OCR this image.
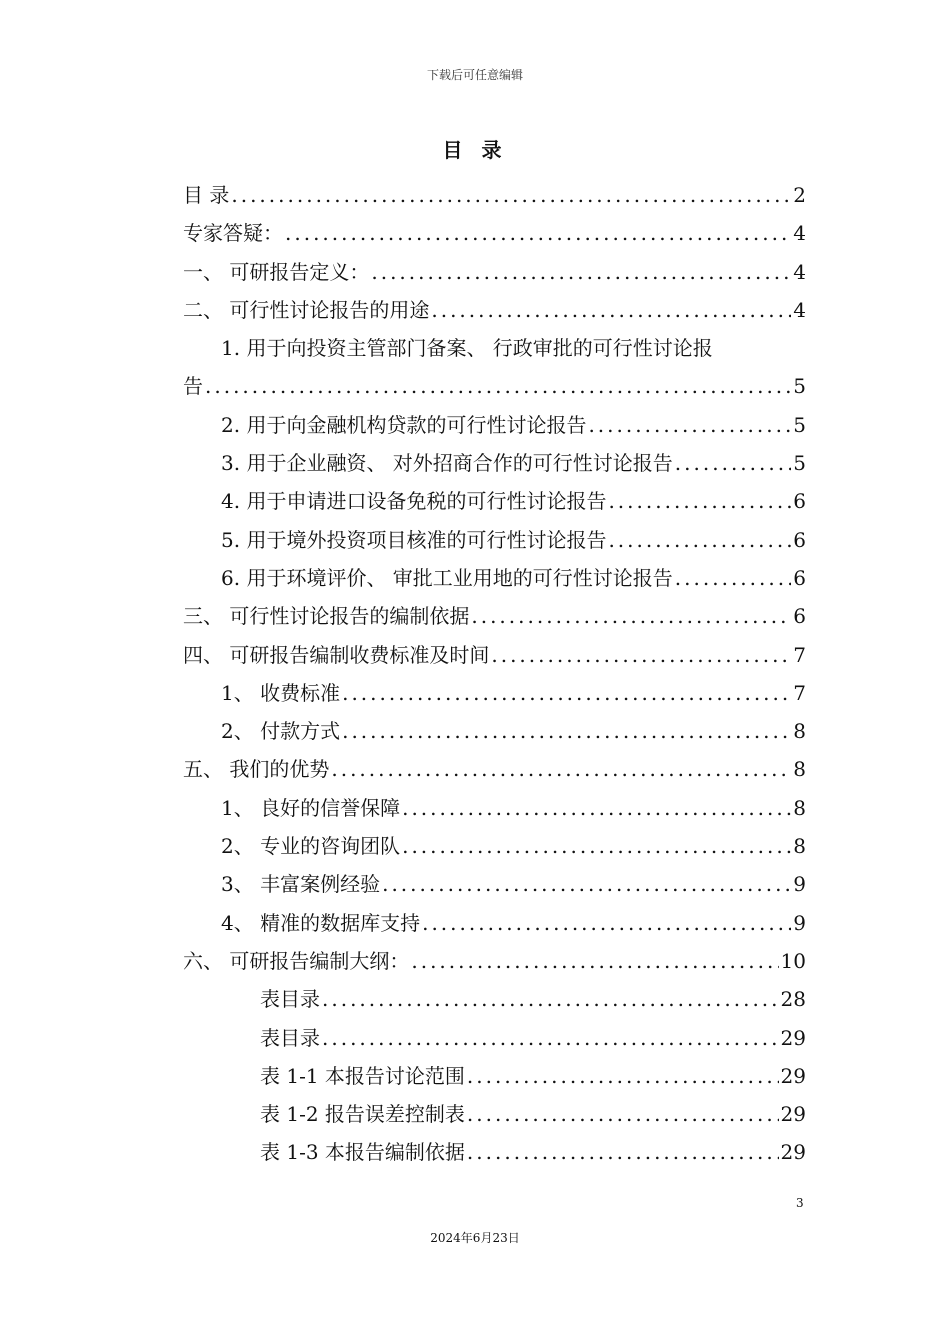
下载后可任意编辑
目 录
目 录 .....	2
专家答疑： .....	4
一、 可研报告定义： .....	4
二、 可行性讨论报告的用途 .....	4
1. 用于向投资主管部门备案、 行政审批的可行性讨论报
告 .....	5
2. 用于向金融机构贷款的可行性讨论报告 .....	5
3. 用于企业融资、 对外招商合作的可行性讨论报告 .....	5
4. 用于申请进口设备免税的可行性讨论报告 .....	6
5. 用于境外投资项目核准的可行性讨论报告 .....	6
6. 用于环境评价、 审批工业用地的可行性讨论报告 .....	6
三、 可行性讨论报告的编制依据 .....	6
四、 可研报告编制收费标准及时间 .....	7
1、 收费标准 .....	7
2、 付款方式 .....	8
五、 我们的优势 .....	8
1、 良好的信誉保障 .....	8
2、 专业的咨询团队 .....	8
3、 丰富案例经验 .....	9
4、 精准的数据库支持 .....	9
六、 可研报告编制大纲： .....	10
表目录 .....	28
表目录 .....	29
表 1-1 本报告讨论范围 .....	29
表 1-2 报告误差控制表 .....	29
表 1-3 本报告编制依据 .....	29
3
2024年6月23日
